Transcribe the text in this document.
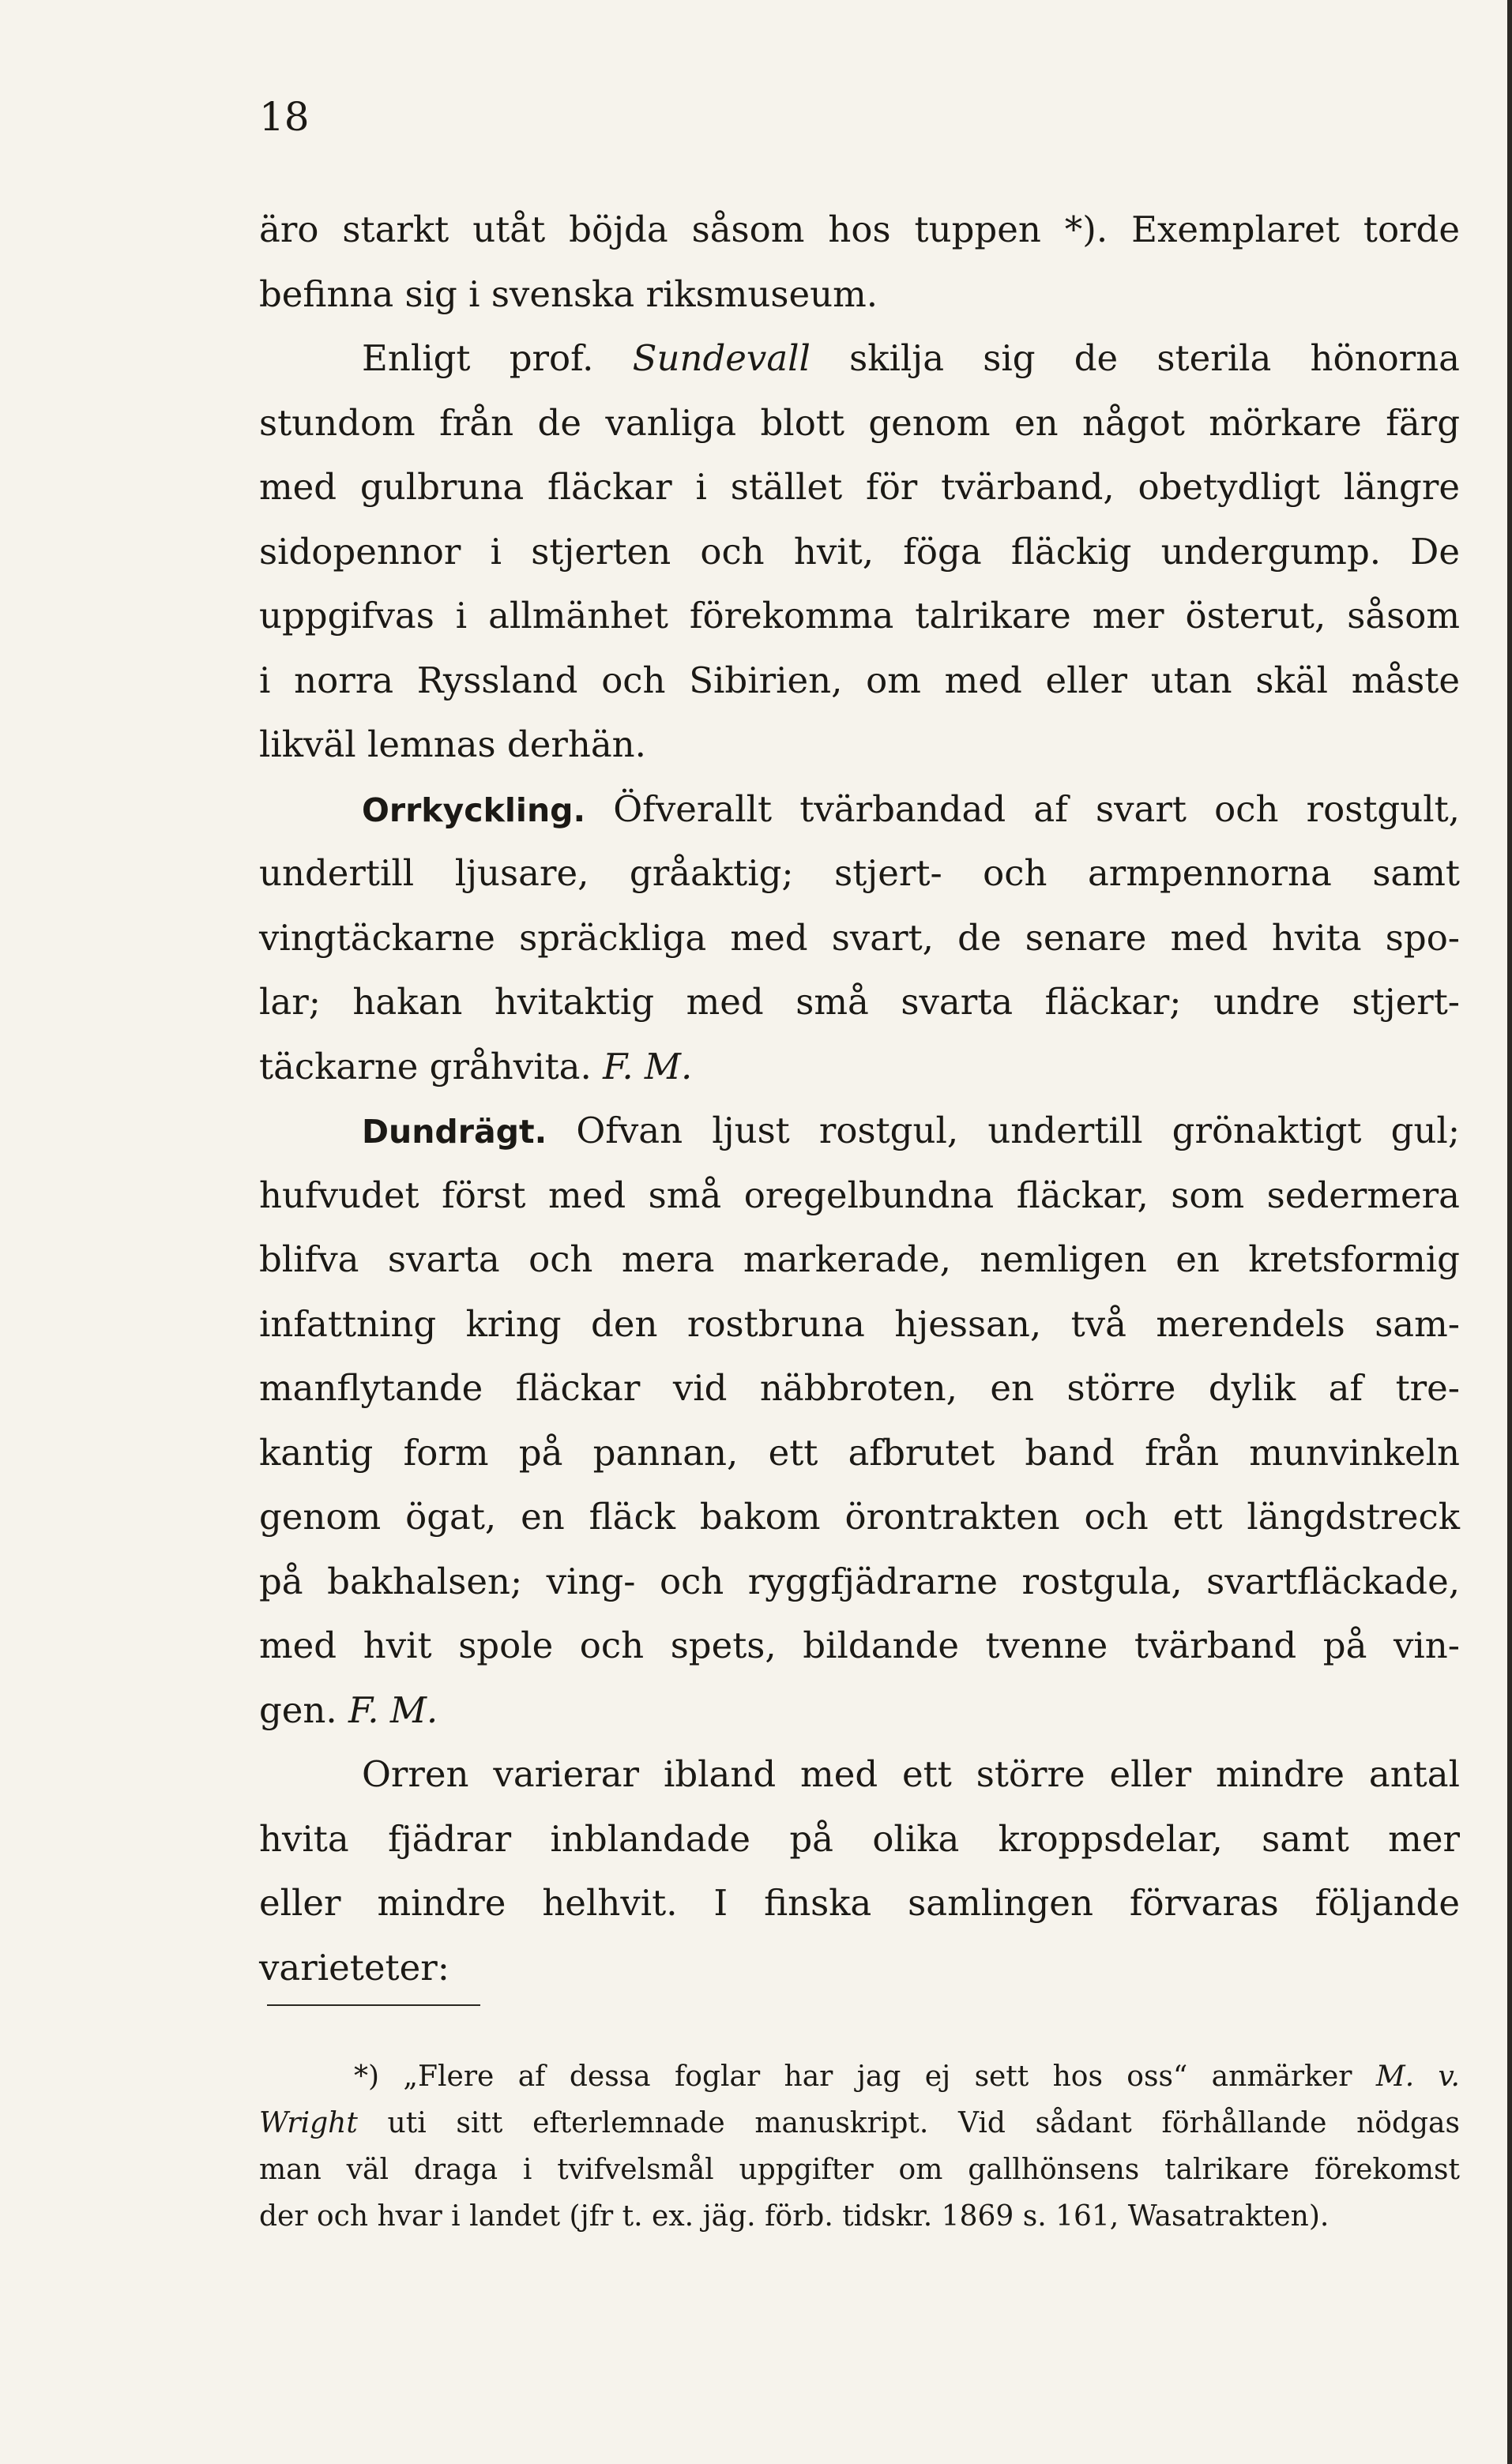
18
äro starkt utåt böjda såsom hos tuppen *). Exemplaret torde
befinna sig i svenska riksmuseum.
Enligt prof. Sundevall skilja sig de sterila hönorna
stundom från de vanliga blott genom en något mörkare färg
med gulbruna fläckar i stället för tvärband, obetydligt längre
sidopennor i stjerten och hvit, föga fläckig undergump. De
uppgifvas i allmänhet förekomma talrikare mer österut, såsom
i norra Ryssland och Sibirien, om med eller utan skäl måste
likväl lemnas derhän.
Orrkyckling. Öfverallt tvärbandad af svart och rostgult,
undertill ljusare, gråaktig; stjert- och armpennorna samt
vingtäckarne spräckliga med svart, de senare med hvita spo-
lar; hakan hvitaktig med små svarta fläckar; undre stjert-
täckarne gråhvita. F. M.
Dundrägt. Ofvan ljust rostgul, undertill grönaktigt gul;
hufvudet först med små oregelbundna fläckar, som sedermera
blifva svarta och mera markerade, nemligen en kretsformig
infattning kring den rostbruna hjessan, två merendels sam-
manflytande fläckar vid näbbroten, en större dylik af tre-
kantig form på pannan, ett afbrutet band från munvinkeln
genom ögat, en fläck bakom örontrakten och ett längdstreck
på bakhalsen; ving- och ryggfjädrarne rostgula, svartfläckade,
med hvit spole och spets, bildande tvenne tvärband på vin-
gen. F. M.
Orren varierar ibland med ett större eller mindre antal
hvita fjädrar inblandade på olika kroppsdelar, samt mer
eller mindre helhvit. I finska samlingen förvaras följande
varieteter:
*) „Flere af dessa foglar har jag ej sett hos oss“ anmärker M. v.
Wright uti sitt efterlemnade manuskript. Vid sådant förhållande nödgas
man väl draga i tvifvelsmål uppgifter om gallhönsens talrikare förekomst
der och hvar i landet (jfr t. ex. jäg. förb. tidskr. 1869 s. 161, Wasatrakten).
